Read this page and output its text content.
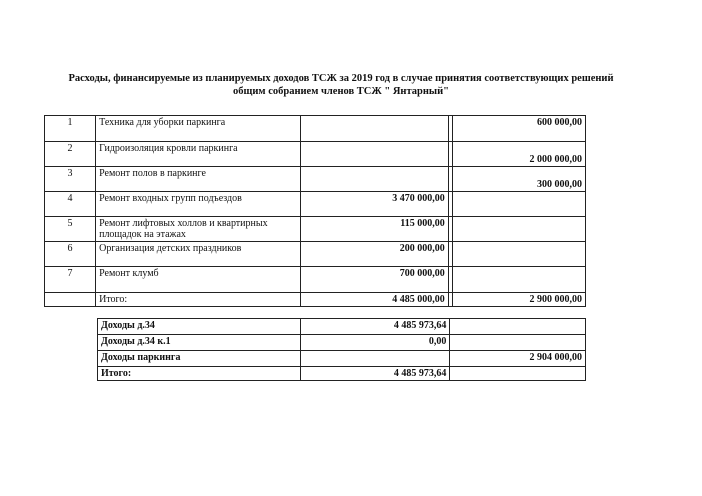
Расходы, финансируемые из планируемых доходов ТСЖ за 2019 год в случае принятия соответствующих решений
общим собранием членов ТСЖ " Янтарный"
1	Техника для уборки паркинга			600 000,00
2	Гидроизоляция кровли паркинга			2 000 000,00
3	Ремонт полов в паркинге			300 000,00
4	Ремонт входных групп подъездов	3 470 000,00		
5	Ремонт лифтовых холлов и квартирных площадок на этажах	115 000,00		
6	Организация детских праздников	200 000,00		
7	Ремонт клумб	700 000,00		
	Итого:	4 485 000,00		2 900 000,00
Доходы д.34	4 485 973,64	
Доходы д.34 к.1	0,00	
Доходы паркинга		2 904 000,00
Итого:	4 485 973,64	
